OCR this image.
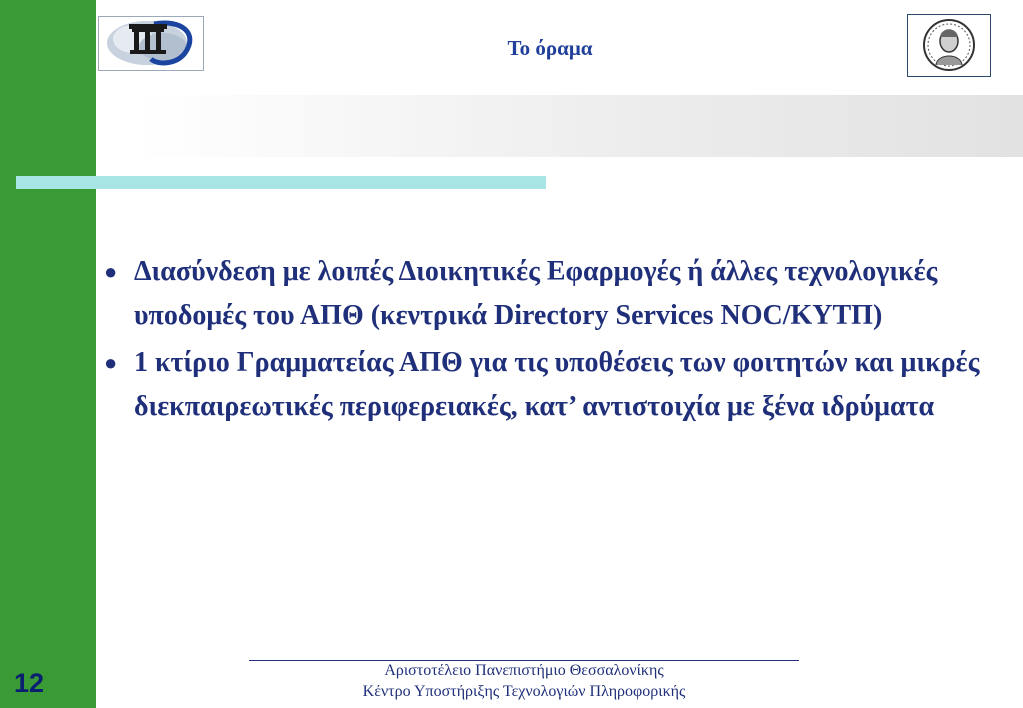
12
Το όραμα
● Διασύνδεση με λοιπές Διοικητικές Εφαρμογές ή άλλες τεχνολογικές υποδομές του ΑΠΘ (κεντρικά Directory Services NOC/ΚΥΤΠ)
● 1 κτίριο Γραμματείας ΑΠΘ για τις υποθέσεις των φοιτητών και μικρές διεκπαιρεωτικές περιφερειακές, κατ’ αντιστοιχία με ξένα ιδρύματα
Αριστοτέλειο Πανεπιστήμιο Θεσσαλονίκης
Κέντρο Υποστήριξης Τεχνολογιών Πληροφορικής
